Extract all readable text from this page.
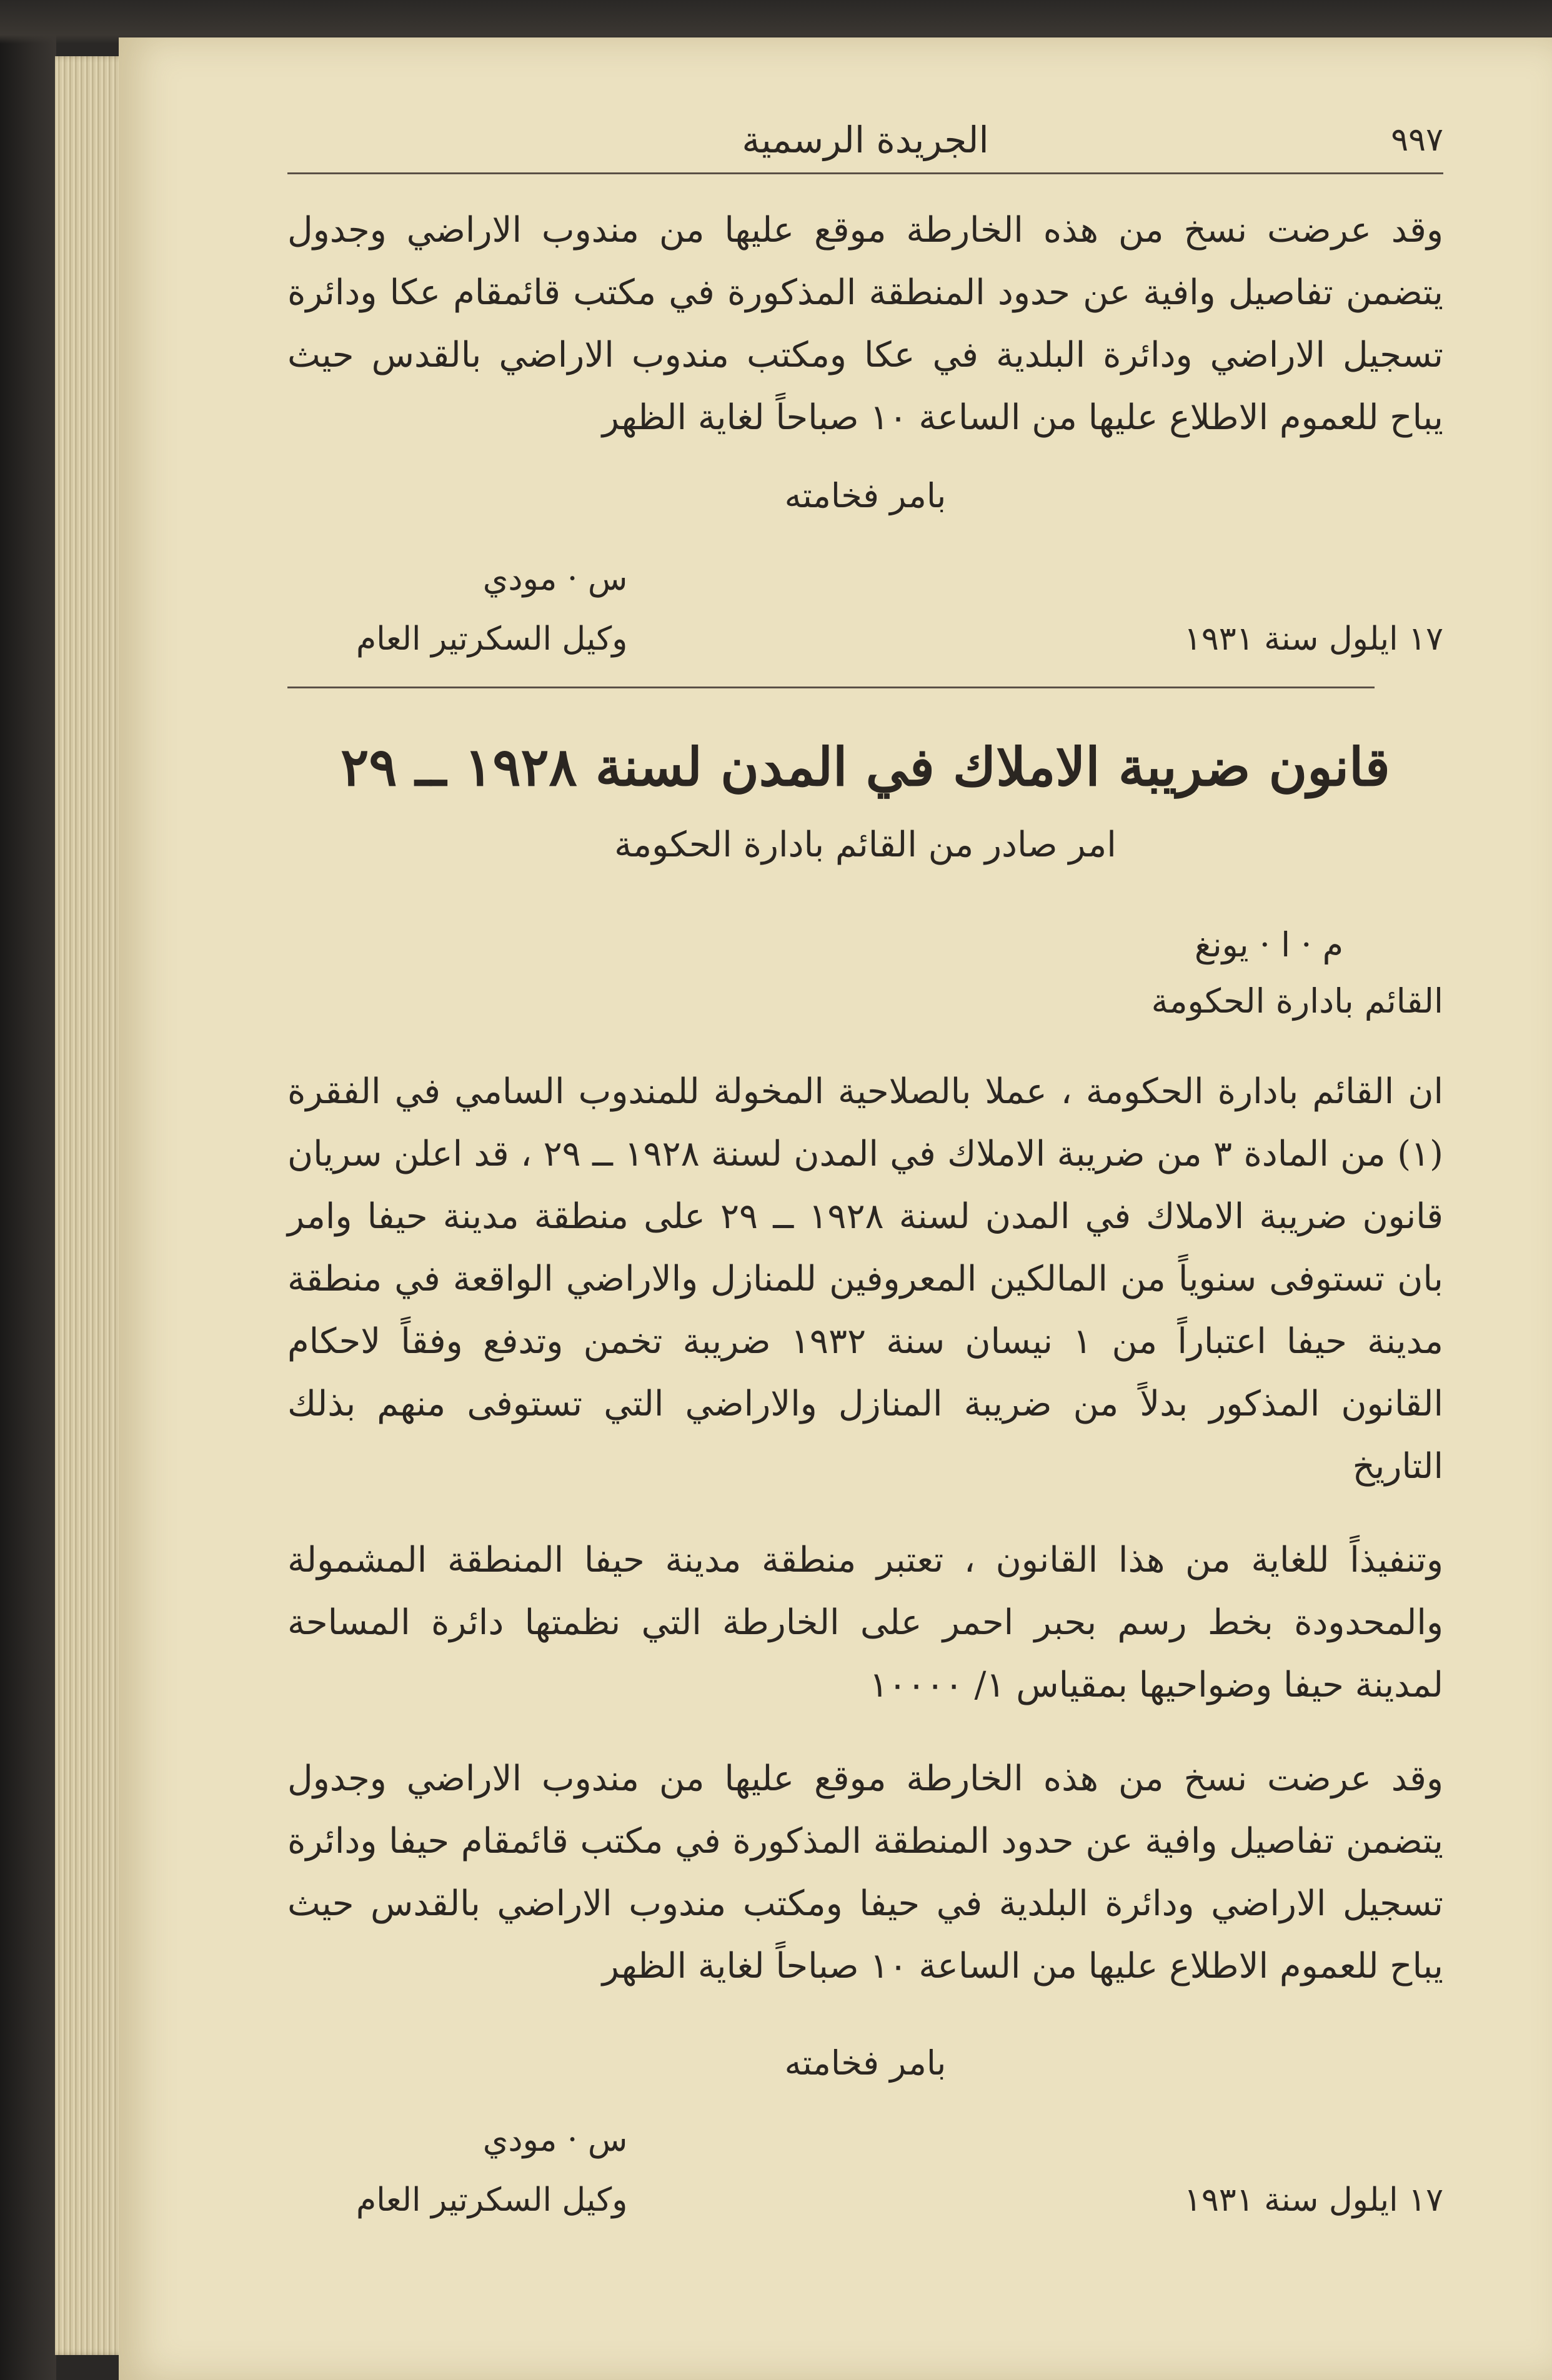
الجريدة الرسمية	٩٩٧

وقد عرضت نسخ من هذه الخارطة موقع عليها من مندوب الاراضي وجدول يتضمن تفاصيل وافية عن حدود المنطقة المذكورة في مكتب قائمقام عكا ودائرة تسجيل الاراضي ودائرة البلدية في عكا ومكتب مندوب الاراضي بالقدس حيث يباح للعموم الاطلاع عليها من الساعة ١٠ صباحاً لغاية الظهر

بامر فخامته
س · مودي
وكيل السكرتير العام	١٧ ايلول سنة ١٩٣١
قانون ضريبة الاملاك في المدن لسنة ١٩٢٨ ــ ٢٩
امر صادر من القائم بادارة الحكومة
م · ا · يونغ
القائم بادارة الحكومة

ان القائم بادارة الحكومة ، عملا بالصلاحية المخولة للمندوب السامي في الفقرة (١) من المادة ٣ من ضريبة الاملاك في المدن لسنة ١٩٢٨ ــ ٢٩ ، قد اعلن سريان قانون ضريبة الاملاك في المدن لسنة ١٩٢٨ ــ ٢٩ على منطقة مدينة حيفا وامر بان تستوفى سنوياً من المالكين المعروفين للمنازل والاراضي الواقعة في منطقة مدينة حيفا اعتباراً من ١ نيسان سنة ١٩٣٢ ضريبة تخمن وتدفع وفقاً لاحكام القانون المذكور بدلاً من ضريبة المنازل والاراضي التي تستوفى منهم بذلك التاريخ

وتنفيذاً للغاية من هذا القانون ، تعتبر منطقة مدينة حيفا المنطقة المشمولة والمحدودة بخط رسم بحبر احمر على الخارطة التي نظمتها دائرة المساحة لمدينة حيفا وضواحيها بمقياس ١/ ١٠٠٠٠

وقد عرضت نسخ من هذه الخارطة موقع عليها من مندوب الاراضي وجدول يتضمن تفاصيل وافية عن حدود المنطقة المذكورة في مكتب قائمقام حيفا ودائرة تسجيل الاراضي ودائرة البلدية في حيفا ومكتب مندوب الاراضي بالقدس حيث يباح للعموم الاطلاع عليها من الساعة ١٠ صباحاً لغاية الظهر

بامر فخامته
س · مودي
وكيل السكرتير العام	١٧ ايلول سنة ١٩٣١
